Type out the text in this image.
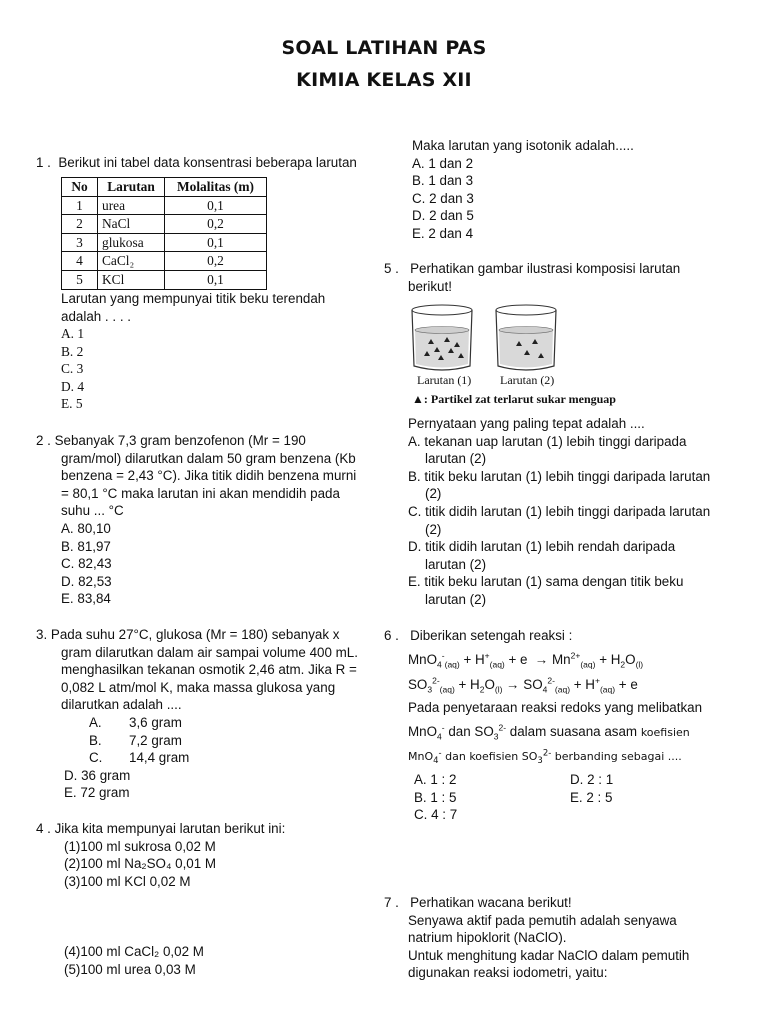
SOAL LATIHAN PAS
KIMIA KELAS XII
1 . Berikut ini tabel data konsentrasi beberapa larutan
No	Larutan	Molalitas (m)
1	urea	0,1
2	NaCl	0,2
3	glukosa	0,1
4	CaCl₂	0,2
5	KCl	0,1
Larutan yang mempunyai titik beku terendah
adalah . . . .
A. 1
B. 2
C. 3
D. 4
E. 5
2 . Sebanyak 7,3 gram benzofenon (Mr = 190
gram/mol) dilarutkan dalam 50 gram benzena (Kb
benzena = 2,43 °C). Jika titik didih benzena murni
= 80,1 °C maka larutan ini akan mendidih pada
suhu ... °C
A. 80,10
B. 81,97
C. 82,43
D. 82,53
E. 83,84
3. Pada suhu 27°C, glukosa (Mr = 180) sebanyak x
gram dilarutkan dalam air sampai volume 400 mL.
menghasilkan tekanan osmotik 2,46 atm. Jika R =
0,082 L atm/mol K, maka massa glukosa yang
dilarutkan adalah ....
A. 3,6 gram
B. 7,2 gram
C. 14,4 gram
D. 36 gram
E. 72 gram
4 . Jika kita mempunyai larutan berikut ini:
(1)100 ml sukrosa 0,02 M
(2)100 ml Na₂SO₄ 0,01 M
(3)100 ml KCl 0,02 M
(4)100 ml CaCl₂ 0,02 M
(5)100 ml urea 0,03 M
Maka larutan yang isotonik adalah.....
A. 1 dan 2
B. 1 dan 3
C. 2 dan 3
D. 2 dan 5
E. 2 dan 4
5 . Perhatikan gambar ilustrasi komposisi larutan
berikut!
Larutan (1) Larutan (2)
▲: Partikel zat terlarut sukar menguap
Pernyataan yang paling tepat adalah ....
A. tekanan uap larutan (1) lebih tinggi daripada
larutan (2)
B. titik beku larutan (1) lebih tinggi daripada larutan
(2)
C. titik didih larutan (1) lebih tinggi daripada larutan
(2)
D. titik didih larutan (1) lebih rendah daripada
larutan (2)
E. titik beku larutan (1) sama dengan titik beku
larutan (2)
6 . Diberikan setengah reaksi :
$MnO_4^-_{(aq)} + H^+_{(aq)} + e \to Mn^{2+}_{(aq)} + H_2O_{(l)}$
$SO_3^{2-}_{(aq)} + H_2O_{(l)} \to SO_4^{2-}_{(aq)} + H^+_{(aq)} + e$
Pada penyetaraan reaksi redoks yang melibatkan
MnO$_4$- dan $SO_3^{2-}$ dalam suasana asam koefisien
MnO$_4$- dan koefisien $SO_3^{2-}$ berbanding sebagai ....
A. 1 : 2
B. 1 : 5
C. 4 : 7
D. 2 : 1
E. 2 : 5
7 . Perhatikan wacana berikut!
Senyawa aktif pada pemutih adalah senyawa
natrium hipoklorit (NaClO).
Untuk menghitung kadar NaClO dalam pemutih
digunakan reaksi iodometri, yaitu:
